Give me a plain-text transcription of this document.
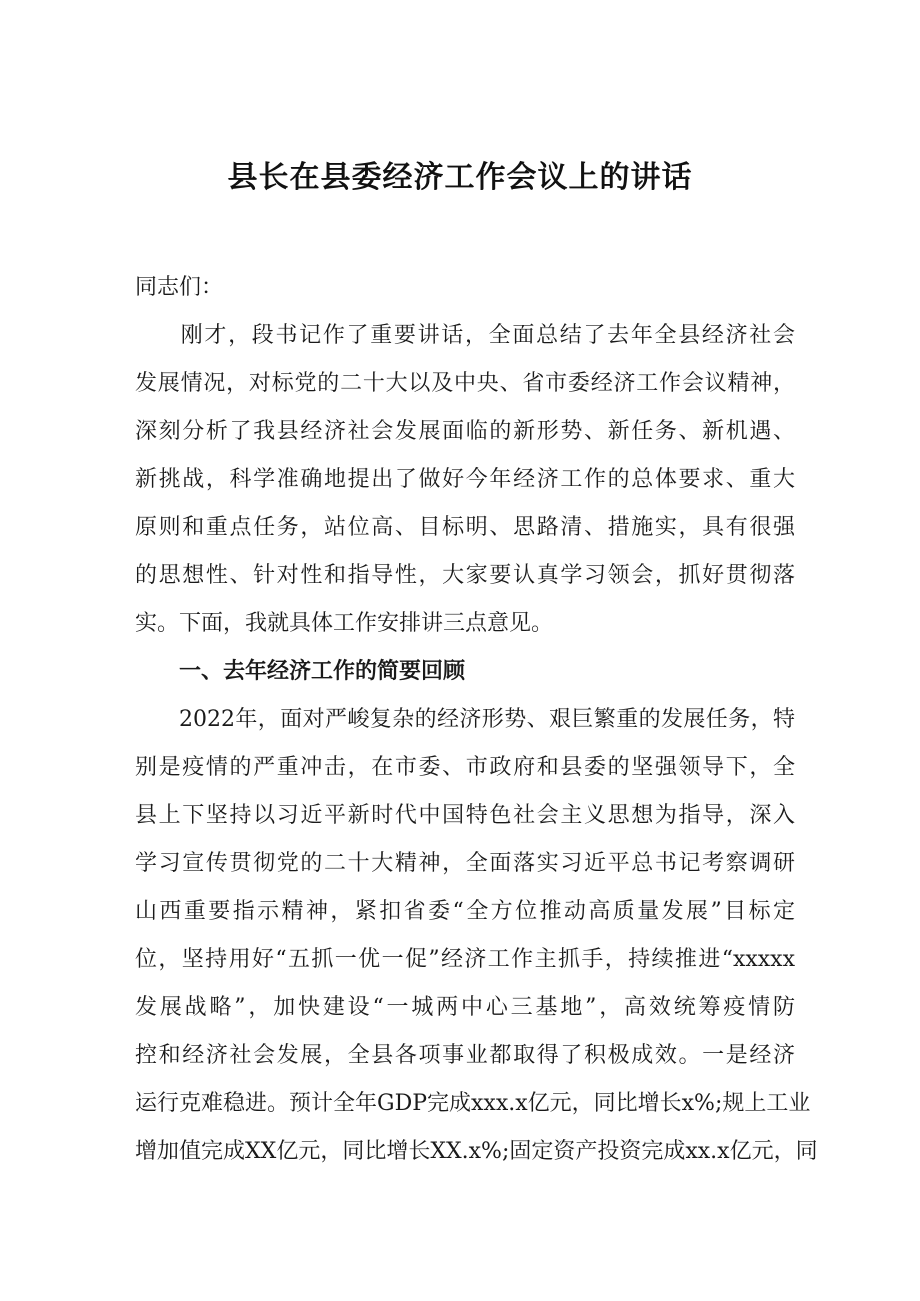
县长在县委经济工作会议上的讲话
同志们：
刚才，段书记作了重要讲话，全面总结了去年全县经济社会
发展情况，对标党的二十大以及中央、省市委经济工作会议精神，
深刻分析了我县经济社会发展面临的新形势、新任务、新机遇、
新挑战，科学准确地提出了做好今年经济工作的总体要求、重大
原则和重点任务，站位高、目标明、思路清、措施实，具有很强
的思想性、针对性和指导性，大家要认真学习领会，抓好贯彻落
实。下面，我就具体工作安排讲三点意见。
一、去年经济工作的简要回顾
2022年，面对严峻复杂的经济形势、艰巨繁重的发展任务，特
别是疫情的严重冲击，在市委、市政府和县委的坚强领导下，全
县上下坚持以习近平新时代中国特色社会主义思想为指导，深入
学习宣传贯彻党的二十大精神，全面落实习近平总书记考察调研
山西重要指示精神，紧扣省委“全方位推动高质量发展”目标定
位，坚持用好“五抓一优一促”经济工作主抓手，持续推进“xxxxx
发展战略”，加快建设“一城两中心三基地”，高效统筹疫情防
控和经济社会发展，全县各项事业都取得了积极成效。一是经济
运行克难稳进。预计全年GDP完成xxx.x亿元，同比增长x%;规上工业
增加值完成XX亿元，同比增长XX.x%;固定资产投资完成xx.x亿元，同
